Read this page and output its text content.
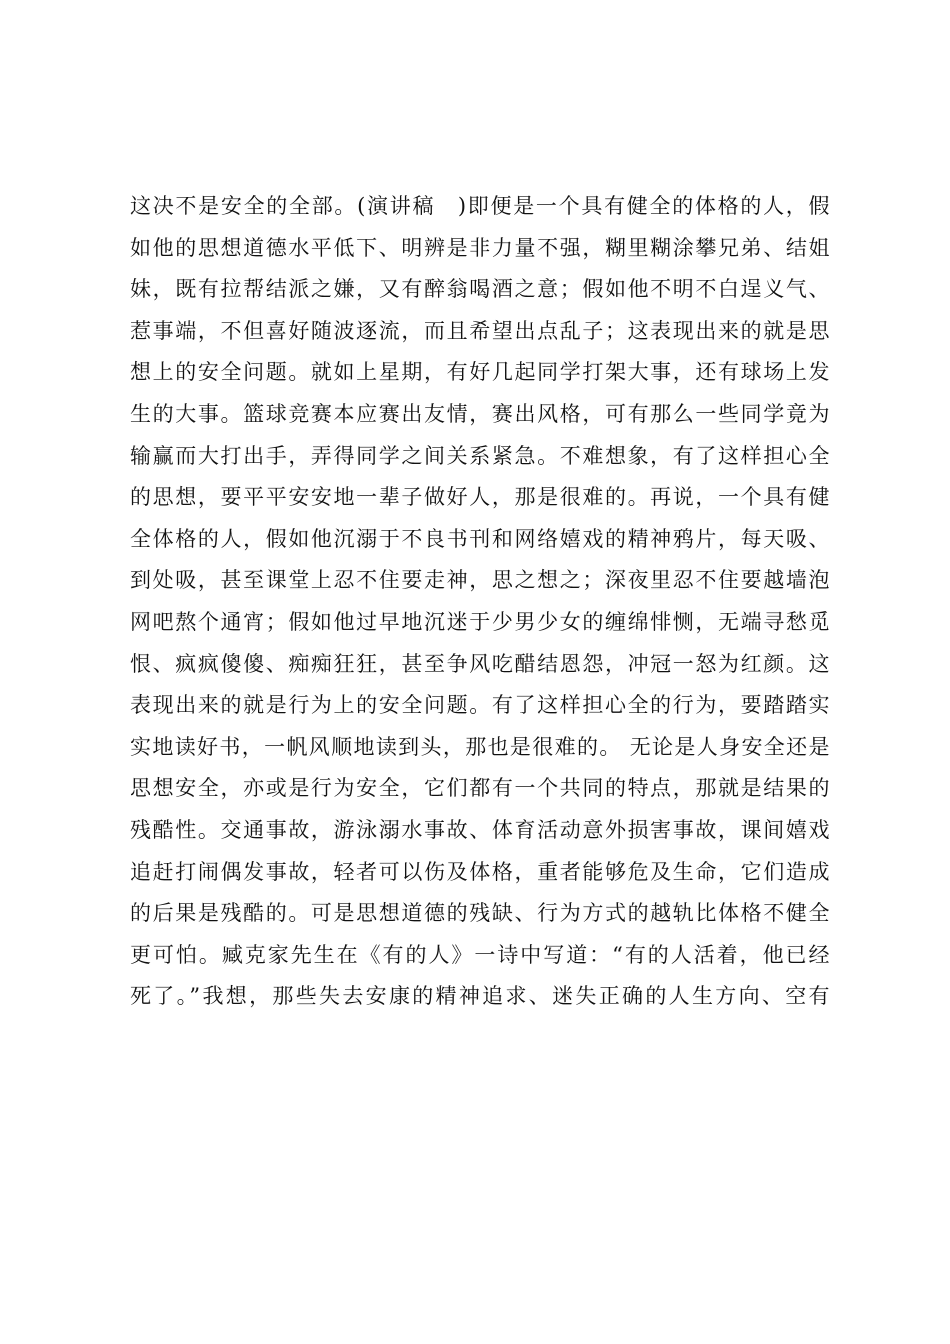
这决不是安全的全部。(演讲稿　)即便是一个具有健全的体格的人，假
如他的思想道德水平低下、明辨是非力量不强，糊里糊涂攀兄弟、结姐
妹，既有拉帮结派之嫌，又有醉翁喝酒之意；假如他不明不白逞义气、
惹事端，不但喜好随波逐流，而且希望出点乱子；这表现出来的就是思
想上的安全问题。就如上星期，有好几起同学打架大事，还有球场上发
生的大事。篮球竞赛本应赛出友情，赛出风格，可有那么一些同学竟为
输赢而大打出手，弄得同学之间关系紧急。不难想象，有了这样担心全
的思想，要平平安安地一辈子做好人，那是很难的。再说，一个具有健
全体格的人，假如他沉溺于不良书刊和网络嬉戏的精神鸦片，每天吸、
到处吸，甚至课堂上忍不住要走神，思之想之；深夜里忍不住要越墙泡
网吧熬个通宵；假如他过早地沉迷于少男少女的缠绵悱恻，无端寻愁觅
恨、疯疯傻傻、痴痴狂狂，甚至争风吃醋结恩怨，冲冠一怒为红颜。这
表现出来的就是行为上的安全问题。有了这样担心全的行为，要踏踏实
实地读好书，一帆风顺地读到头，那也是很难的。 无论是人身安全还是
思想安全，亦或是行为安全，它们都有一个共同的特点，那就是结果的
残酷性。交通事故，游泳溺水事故、体育活动意外损害事故，课间嬉戏
追赶打闹偶发事故，轻者可以伤及体格，重者能够危及生命，它们造成
的后果是残酷的。可是思想道德的残缺、行为方式的越轨比体格不健全
更可怕。臧克家先生在《有的人》一诗中写道：“有的人活着，他已经
死了。”我想，那些失去安康的精神追求、迷失正确的人生方向、空有
